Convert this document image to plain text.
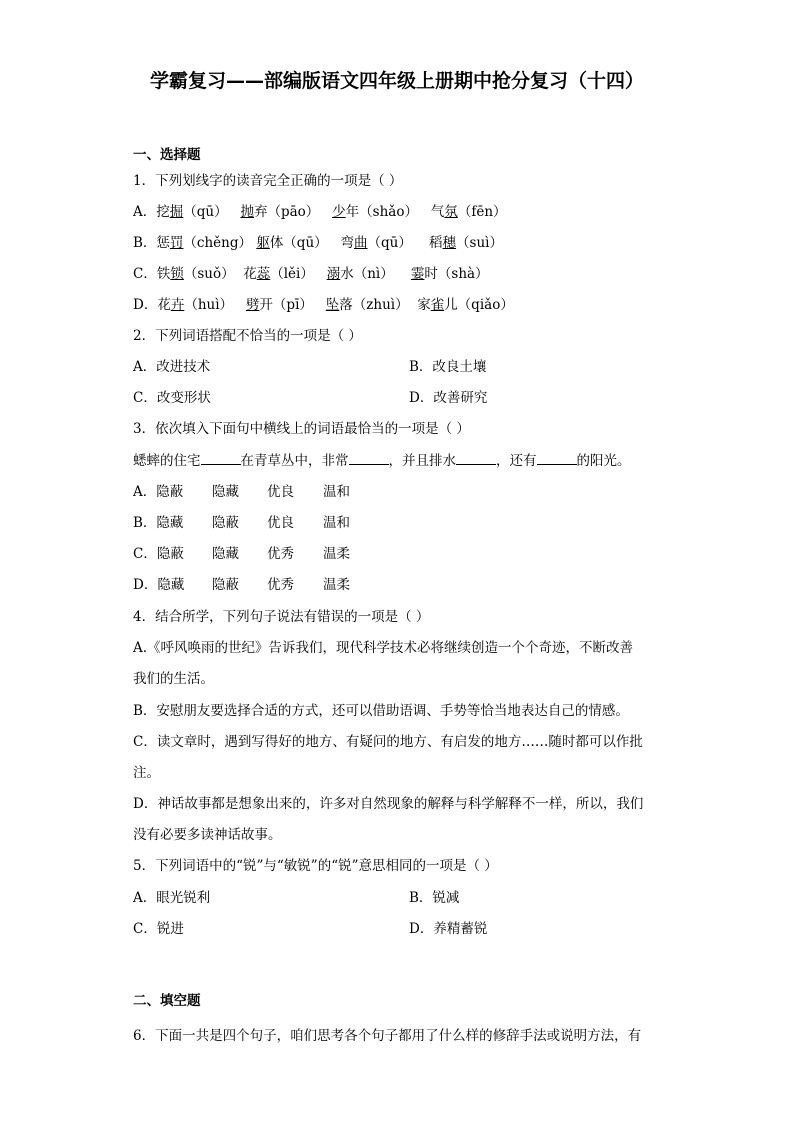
学霸复习——部编版语文四年级上册期中抢分复习（十四）
一、选择题
1．下列划线字的读音完全正确的一项是（ ）
A．挖掘（qū） 抛弃（pāo） 少年（shǎo） 气氛（fēn）
B．惩罚（chěng） 躯体（qū） 弯曲（qū） 稻穗（suì）
C．铁锁（suǒ） 花蕊（lěi） 溺水（nì） 霎时（shà）
D．花卉（huì） 劈开（pī） 坠落（zhuì） 家雀儿（qiǎo）
2．下列词语搭配不恰当的一项是（ ）
A．改进技术	B．改良土壤
C．改变形状	D．改善研究
3．依次填入下面句中横线上的词语最恰当的一项是（ ）
蟋蟀的住宅	在青草丛中，非常	，并且排水	，还有	的阳光。
A．隐蔽 隐藏 优良 温和
B．隐藏 隐蔽 优良 温和
C．隐蔽 隐藏 优秀 温柔
D．隐藏 隐蔽 优秀 温柔
4．结合所学，下列句子说法有错误的一项是（ ）
A.《呼风唤雨的世纪》告诉我们，现代科学技术必将继续创造一个个奇迹，不断改善
我们的生活。
B．安慰朋友要选择合适的方式，还可以借助语调、手势等恰当地表达自己的情感。
C．读文章时，遇到写得好的地方、有疑问的地方、有启发的地方……随时都可以作批
注。
D．神话故事都是想象出来的，许多对自然现象的解释与科学解释不一样，所以，我们
没有必要多读神话故事。
5．下列词语中的“锐”与“敏锐”的“锐”意思相同的一项是（ ）
A．眼光锐利	B．锐减
C．锐进	D．养精蓄锐
二、填空题
6．下面一共是四个句子，咱们思考各个句子都用了什么样的修辞手法或说明方法，有
